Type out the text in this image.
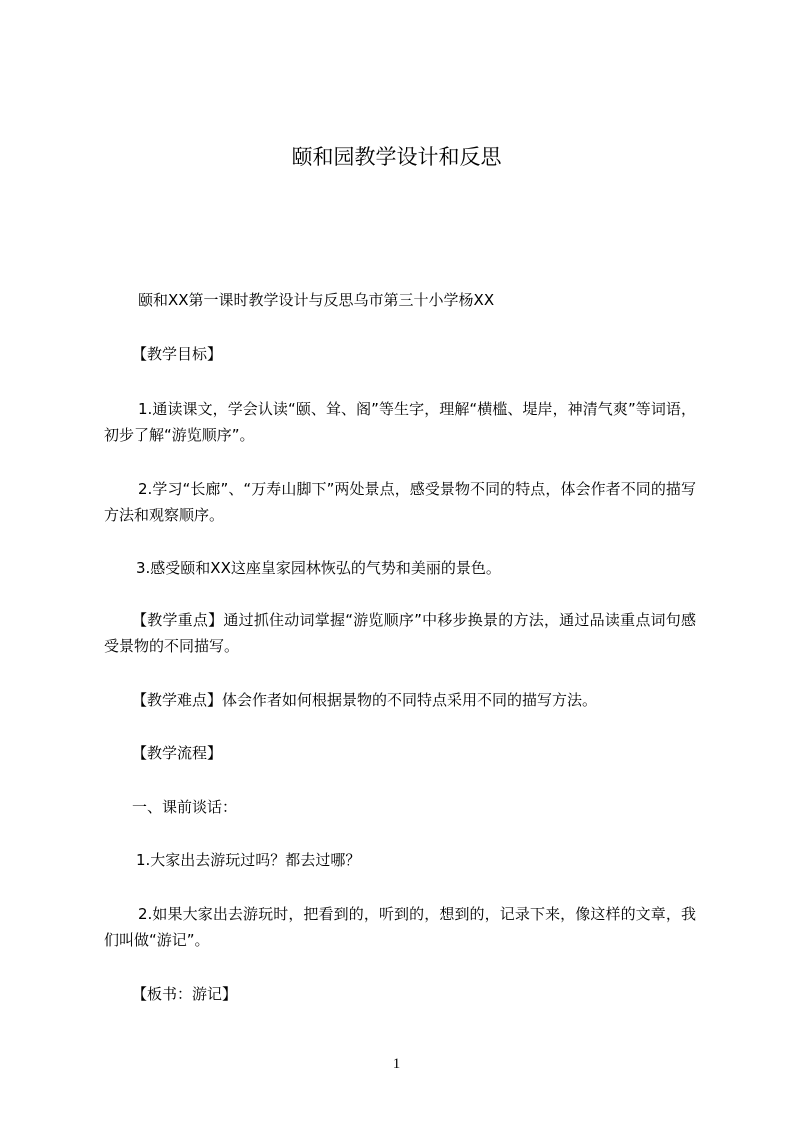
颐和园教学设计和反思

颐和XX第一课时教学设计与反思乌市第三十小学杨XX

【教学目标】

1.通读课文，学会认读“颐、耸、阁”等生字，理解“横槛、堤岸，神清气爽”等词语，初步了解“游览顺序”。

2.学习“长廊”、“万寿山脚下”两处景点，感受景物不同的特点，体会作者不同的描写方法和观察顺序。

3.感受颐和XX这座皇家园林恢弘的气势和美丽的景色。

【教学重点】通过抓住动词掌握“游览顺序”中移步换景的方法，通过品读重点词句感受景物的不同描写。

【教学难点】体会作者如何根据景物的不同特点采用不同的描写方法。

【教学流程】

一、课前谈话：

1.大家出去游玩过吗？都去过哪？

2.如果大家出去游玩时，把看到的，听到的，想到的，记录下来，像这样的文章，我们叫做“游记”。

【板书：游记】

1
